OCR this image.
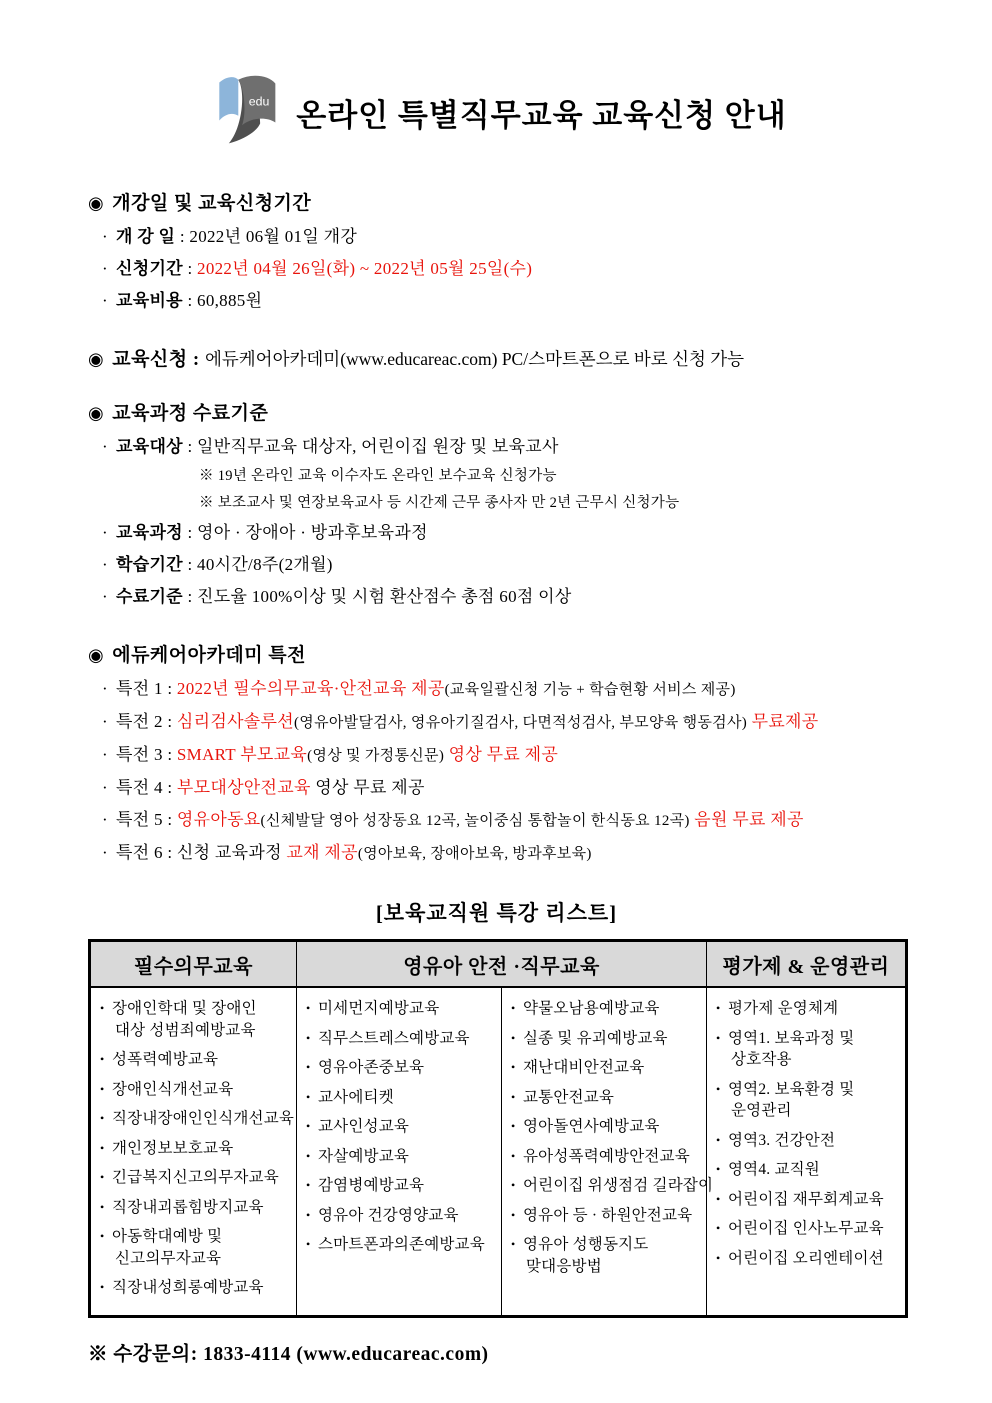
edu 온라인 특별직무교육 교육신청 안내
◉ 개강일 및 교육신청기간
· 개 강 일 : 2022년 06월 01일 개강
· 신청기간 : 2022년 04월 26일(화) ~ 2022년 05월 25일(수)
· 교육비용 : 60,885원
◉ 교육신청 : 에듀케어아카데미(www.educareac.com) PC/스마트폰으로 바로 신청 가능
◉ 교육과정 수료기준
· 교육대상 : 일반직무교육 대상자, 어린이집 원장 및 보육교사
※ 19년 온라인 교육 이수자도 온라인 보수교육 신청가능
※ 보조교사 및 연장보육교사 등 시간제 근무 종사자 만 2년 근무시 신청가능
· 교육과정 : 영아 · 장애아 · 방과후보육과정
· 학습기간 : 40시간/8주(2개월)
· 수료기준 : 진도율 100%이상 및 시험 환산점수 총점 60점 이상
◉ 에듀케어아카데미 특전
· 특전 1 : 2022년 필수의무교육·안전교육 제공(교육일괄신청 기능 + 학습현황 서비스 제공)
· 특전 2 : 심리검사솔루션(영유아발달검사, 영유아기질검사, 다면적성검사, 부모양육 행동검사) 무료제공
· 특전 3 : SMART 부모교육(영상 및 가정통신문) 영상 무료 제공
· 특전 4 : 부모대상안전교육 영상 무료 제공
· 특전 5 : 영유아동요(신체발달 영아 성장동요 12곡, 놀이중심 통합놀이 한식동요 12곡) 음원 무료 제공
· 특전 6 : 신청 교육과정 교재 제공(영아보육, 장애아보육, 방과후보육)
[보육교직원 특강 리스트]
필수의무교육	영유아 안전 ·직무교육		평가제 & 운영관리

• 장애인학대 및 장애인
대상 성범죄예방교육
• 성폭력예방교육
• 장애인식개선교육
• 직장내장애인인식개선교육
• 개인정보보호교육
• 긴급복지신고의무자교육
• 직장내괴롭힘방지교육
• 아동학대예방 및
신고의무자교육
• 직장내성희롱예방교육

• 미세먼지예방교육
• 직무스트레스예방교육
• 영유아존중보육
• 교사에티켓
• 교사인성교육
• 자살예방교육
• 감염병예방교육
• 영유아 건강영양교육
• 스마트폰과의존예방교육

• 약물오남용예방교육
• 실종 및 유괴예방교육
• 재난대비안전교육
• 교통안전교육
• 영아돌연사예방교육
• 유아성폭력예방안전교육
• 어린이집 위생점검 길라잡이
• 영유아 등 · 하원안전교육
• 영유아 성행동지도
맞대응방법

• 평가제 운영체계
• 영역1. 보육과정 및
상호작용
• 영역2. 보육환경 및
운영관리
• 영역3. 건강안전
• 영역4. 교직원
• 어린이집 재무회계교육
• 어린이집 인사노무교육
• 어린이집 오리엔테이션
※ 수강문의: 1833-4114 (www.educareac.com)
